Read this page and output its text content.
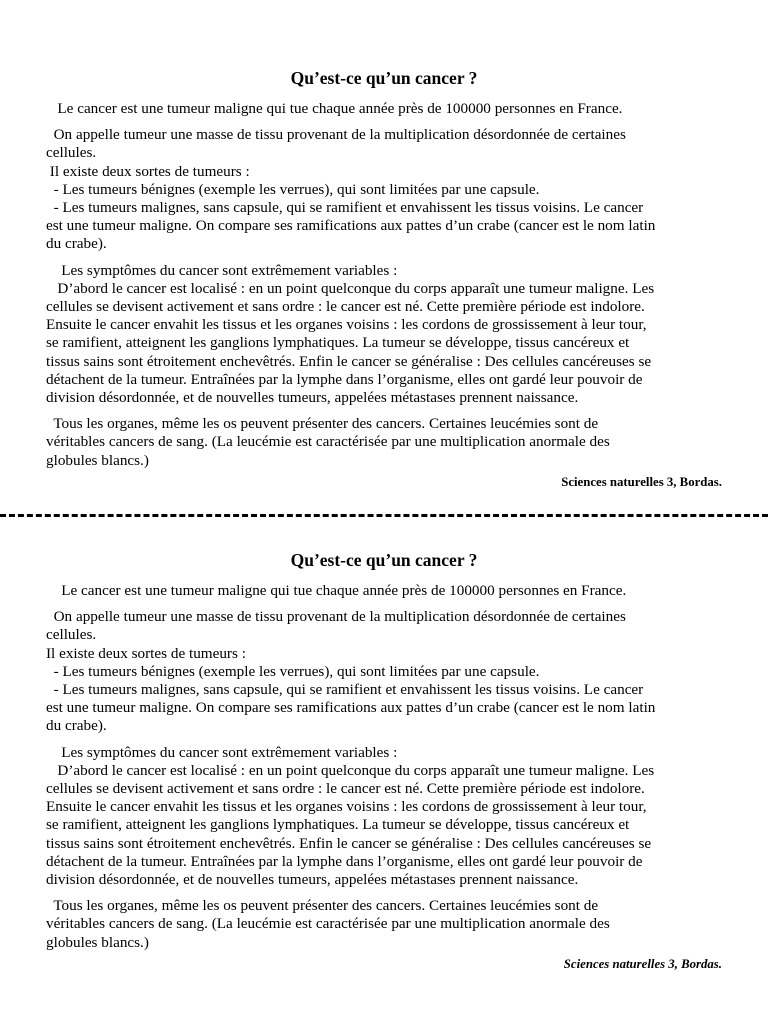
Qu’est-ce qu’un cancer ?

Le cancer est une tumeur maligne qui tue chaque année près de 100000 personnes en France.

On appelle tumeur une masse de tissu provenant de la multiplication désordonnée de certaines
cellules.
Il existe deux sortes de tumeurs :
- Les tumeurs bénignes (exemple les verrues), qui sont limitées par une capsule.
- Les tumeurs malignes, sans capsule, qui se ramifient et envahissent les tissus voisins. Le cancer
est une tumeur maligne. On compare ses ramifications aux pattes d’un crabe (cancer est le nom latin
du crabe).

Les symptômes du cancer sont extrêmement variables :
D’abord le cancer est localisé : en un point quelconque du corps apparaît une tumeur maligne. Les
cellules se devisent activement et sans ordre : le cancer est né. Cette première période est indolore.
Ensuite le cancer envahit les tissus et les organes voisins : les cordons de grossissement à leur tour,
se ramifient, atteignent les ganglions lymphatiques. La tumeur se développe, tissus cancéreux et
tissus sains sont étroitement enchevêtrés. Enfin le cancer se généralise : Des cellules cancéreuses se
détachent de la tumeur. Entraînées par la lymphe dans l’organisme, elles ont gardé leur pouvoir de
division désordonnée, et de nouvelles tumeurs, appelées métastases prennent naissance.

Tous les organes, même les os peuvent présenter des cancers. Certaines leucémies sont de
véritables cancers de sang. (La leucémie est caractérisée par une multiplication anormale des
globules blancs.)

Sciences naturelles 3, Bordas.
Qu’est-ce qu’un cancer ?

Le cancer est une tumeur maligne qui tue chaque année près de 100000 personnes en France.

On appelle tumeur une masse de tissu provenant de la multiplication désordonnée de certaines
cellules.
Il existe deux sortes de tumeurs :
- Les tumeurs bénignes (exemple les verrues), qui sont limitées par une capsule.
- Les tumeurs malignes, sans capsule, qui se ramifient et envahissent les tissus voisins. Le cancer
est une tumeur maligne. On compare ses ramifications aux pattes d’un crabe (cancer est le nom latin
du crabe).

Les symptômes du cancer sont extrêmement variables :
D’abord le cancer est localisé : en un point quelconque du corps apparaît une tumeur maligne. Les
cellules se devisent activement et sans ordre : le cancer est né. Cette première période est indolore.
Ensuite le cancer envahit les tissus et les organes voisins : les cordons de grossissement à leur tour,
se ramifient, atteignent les ganglions lymphatiques. La tumeur se développe, tissus cancéreux et
tissus sains sont étroitement enchevêtrés. Enfin le cancer se généralise : Des cellules cancéreuses se
détachent de la tumeur. Entraînées par la lymphe dans l’organisme, elles ont gardé leur pouvoir de
division désordonnée, et de nouvelles tumeurs, appelées métastases prennent naissance.

Tous les organes, même les os peuvent présenter des cancers. Certaines leucémies sont de
véritables cancers de sang. (La leucémie est caractérisée par une multiplication anormale des
globules blancs.)

Sciences naturelles 3, Bordas.
